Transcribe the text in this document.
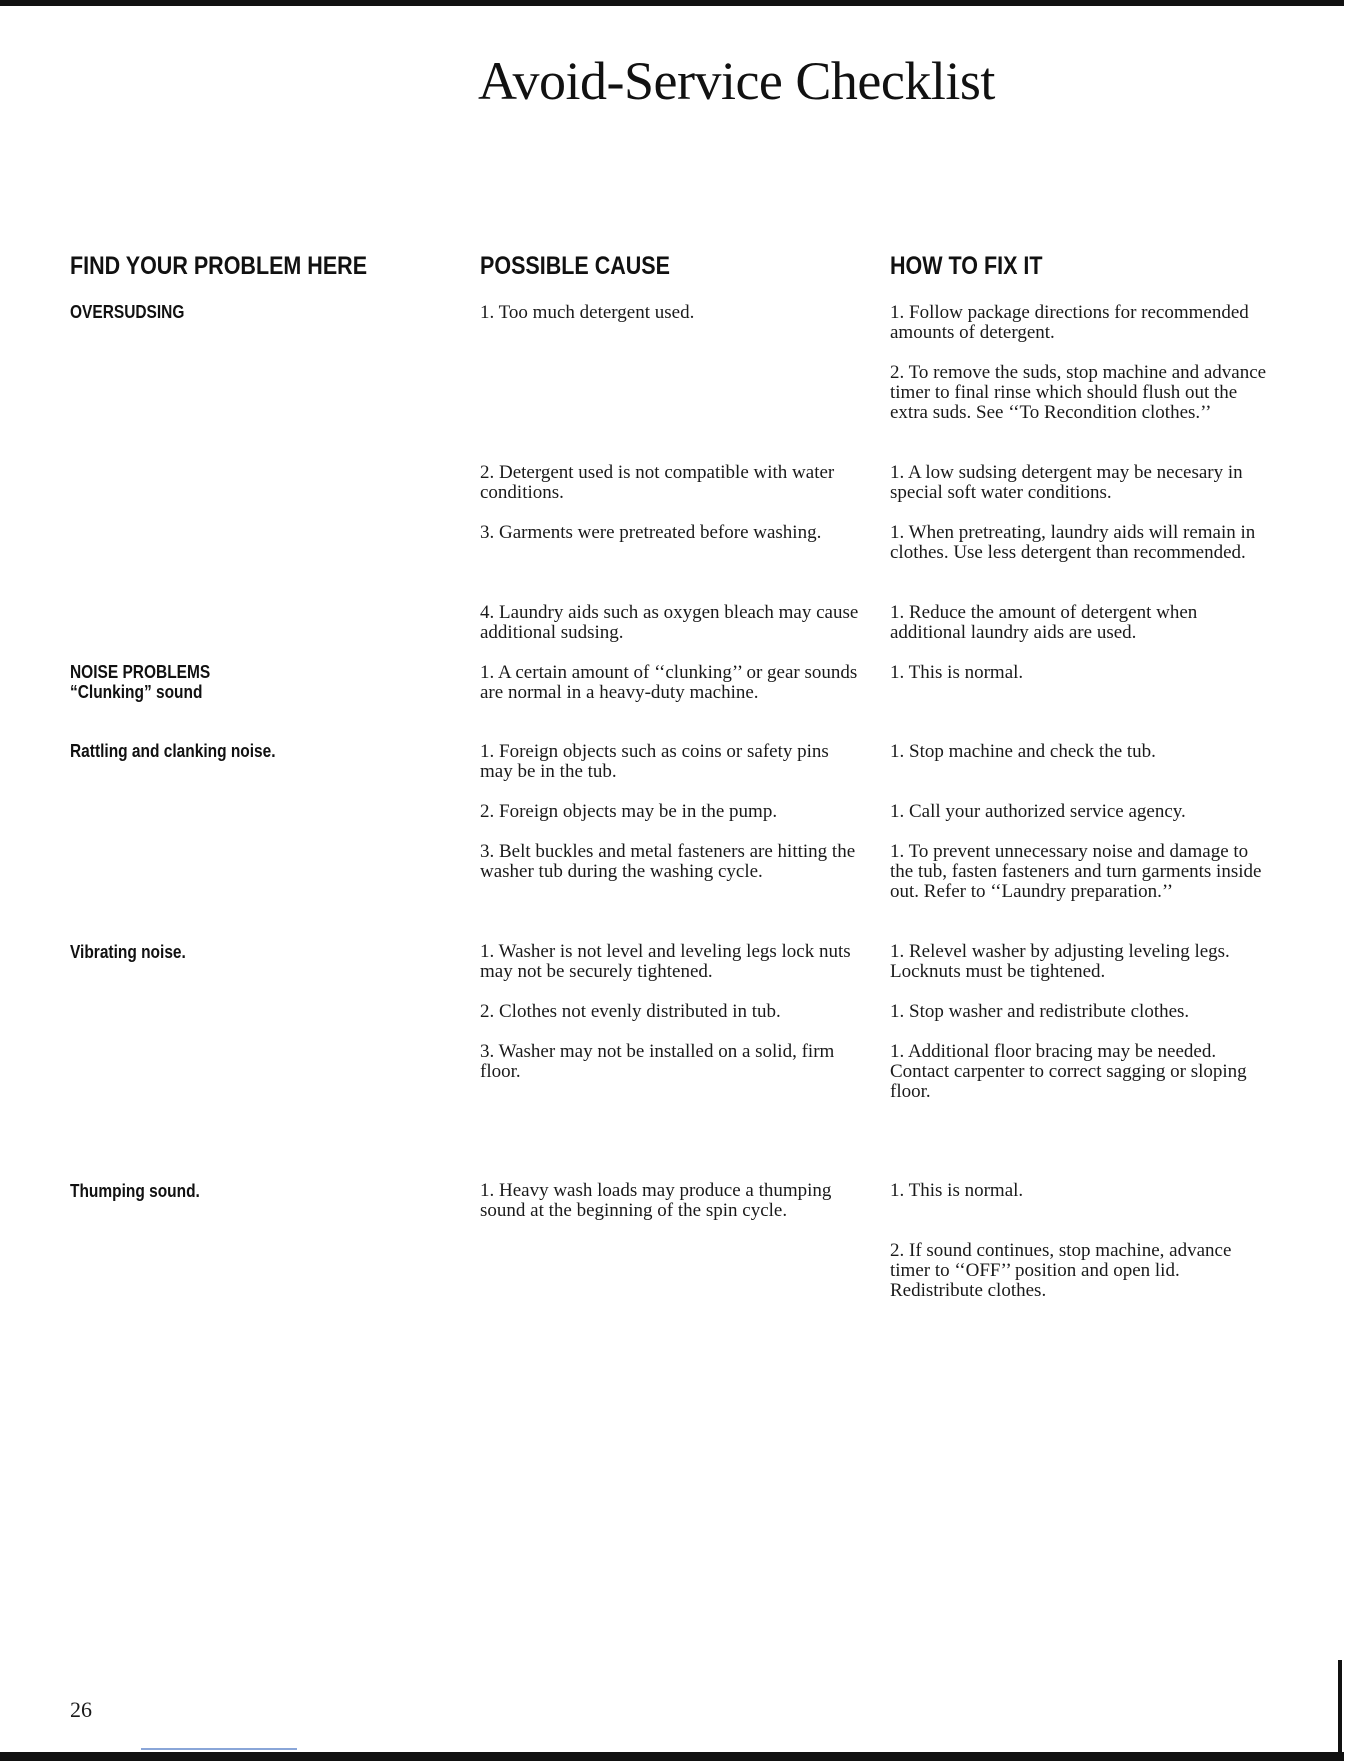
Avoid-Service Checklist
FIND YOUR PROBLEM HERE	POSSIBLE CAUSE	HOW TO FIX IT

OVERSUDSING

NOISE PROBLEMS
“Clunking” sound

Rattling and clanking noise.

Vibrating noise.

Thumping sound.

1. Too much detergent used.

2. Detergent used is not compatible with water conditions.

3. Garments were pretreated before washing.

4. Laundry aids such as oxygen bleach may cause additional sudsing.

1. A certain amount of ‘‘clunking’’ or gear sounds are normal in a heavy-duty machine.

1. Foreign objects such as coins or safety pins may be in the tub.

2. Foreign objects may be in the pump.

3. Belt buckles and metal fasteners are hitting the washer tub during the washing cycle.

1. Washer is not level and leveling legs lock nuts may not be securely tightened.

2. Clothes not evenly distributed in tub.

3. Washer may not be installed on a solid, firm floor.

1. Heavy wash loads may produce a thumping sound at the beginning of the spin cycle.

1. Follow package directions for recommended amounts of detergent.

2. To remove the suds, stop machine and advance timer to final rinse which should flush out the extra suds. See ‘‘To Recondition clothes.’’

1. A low sudsing detergent may be necesary in special soft water conditions.

1. When pretreating, laundry aids will remain in clothes. Use less detergent than recommended.

1. Reduce the amount of detergent when additional laundry aids are used.

1. This is normal.

1. Stop machine and check the tub.

1. Call your authorized service agency.

1. To prevent unnecessary noise and damage to the tub, fasten fasteners and turn garments inside out. Refer to ‘‘Laundry preparation.’’

1. Relevel washer by adjusting leveling legs. Locknuts must be tightened.

1. Stop washer and redistribute clothes.

1. Additional floor bracing may be needed. Contact carpenter to correct sagging or sloping floor.

1. This is normal.

2. If sound continues, stop machine, advance timer to ‘‘OFF’’ position and open lid. Redistribute clothes.

26
